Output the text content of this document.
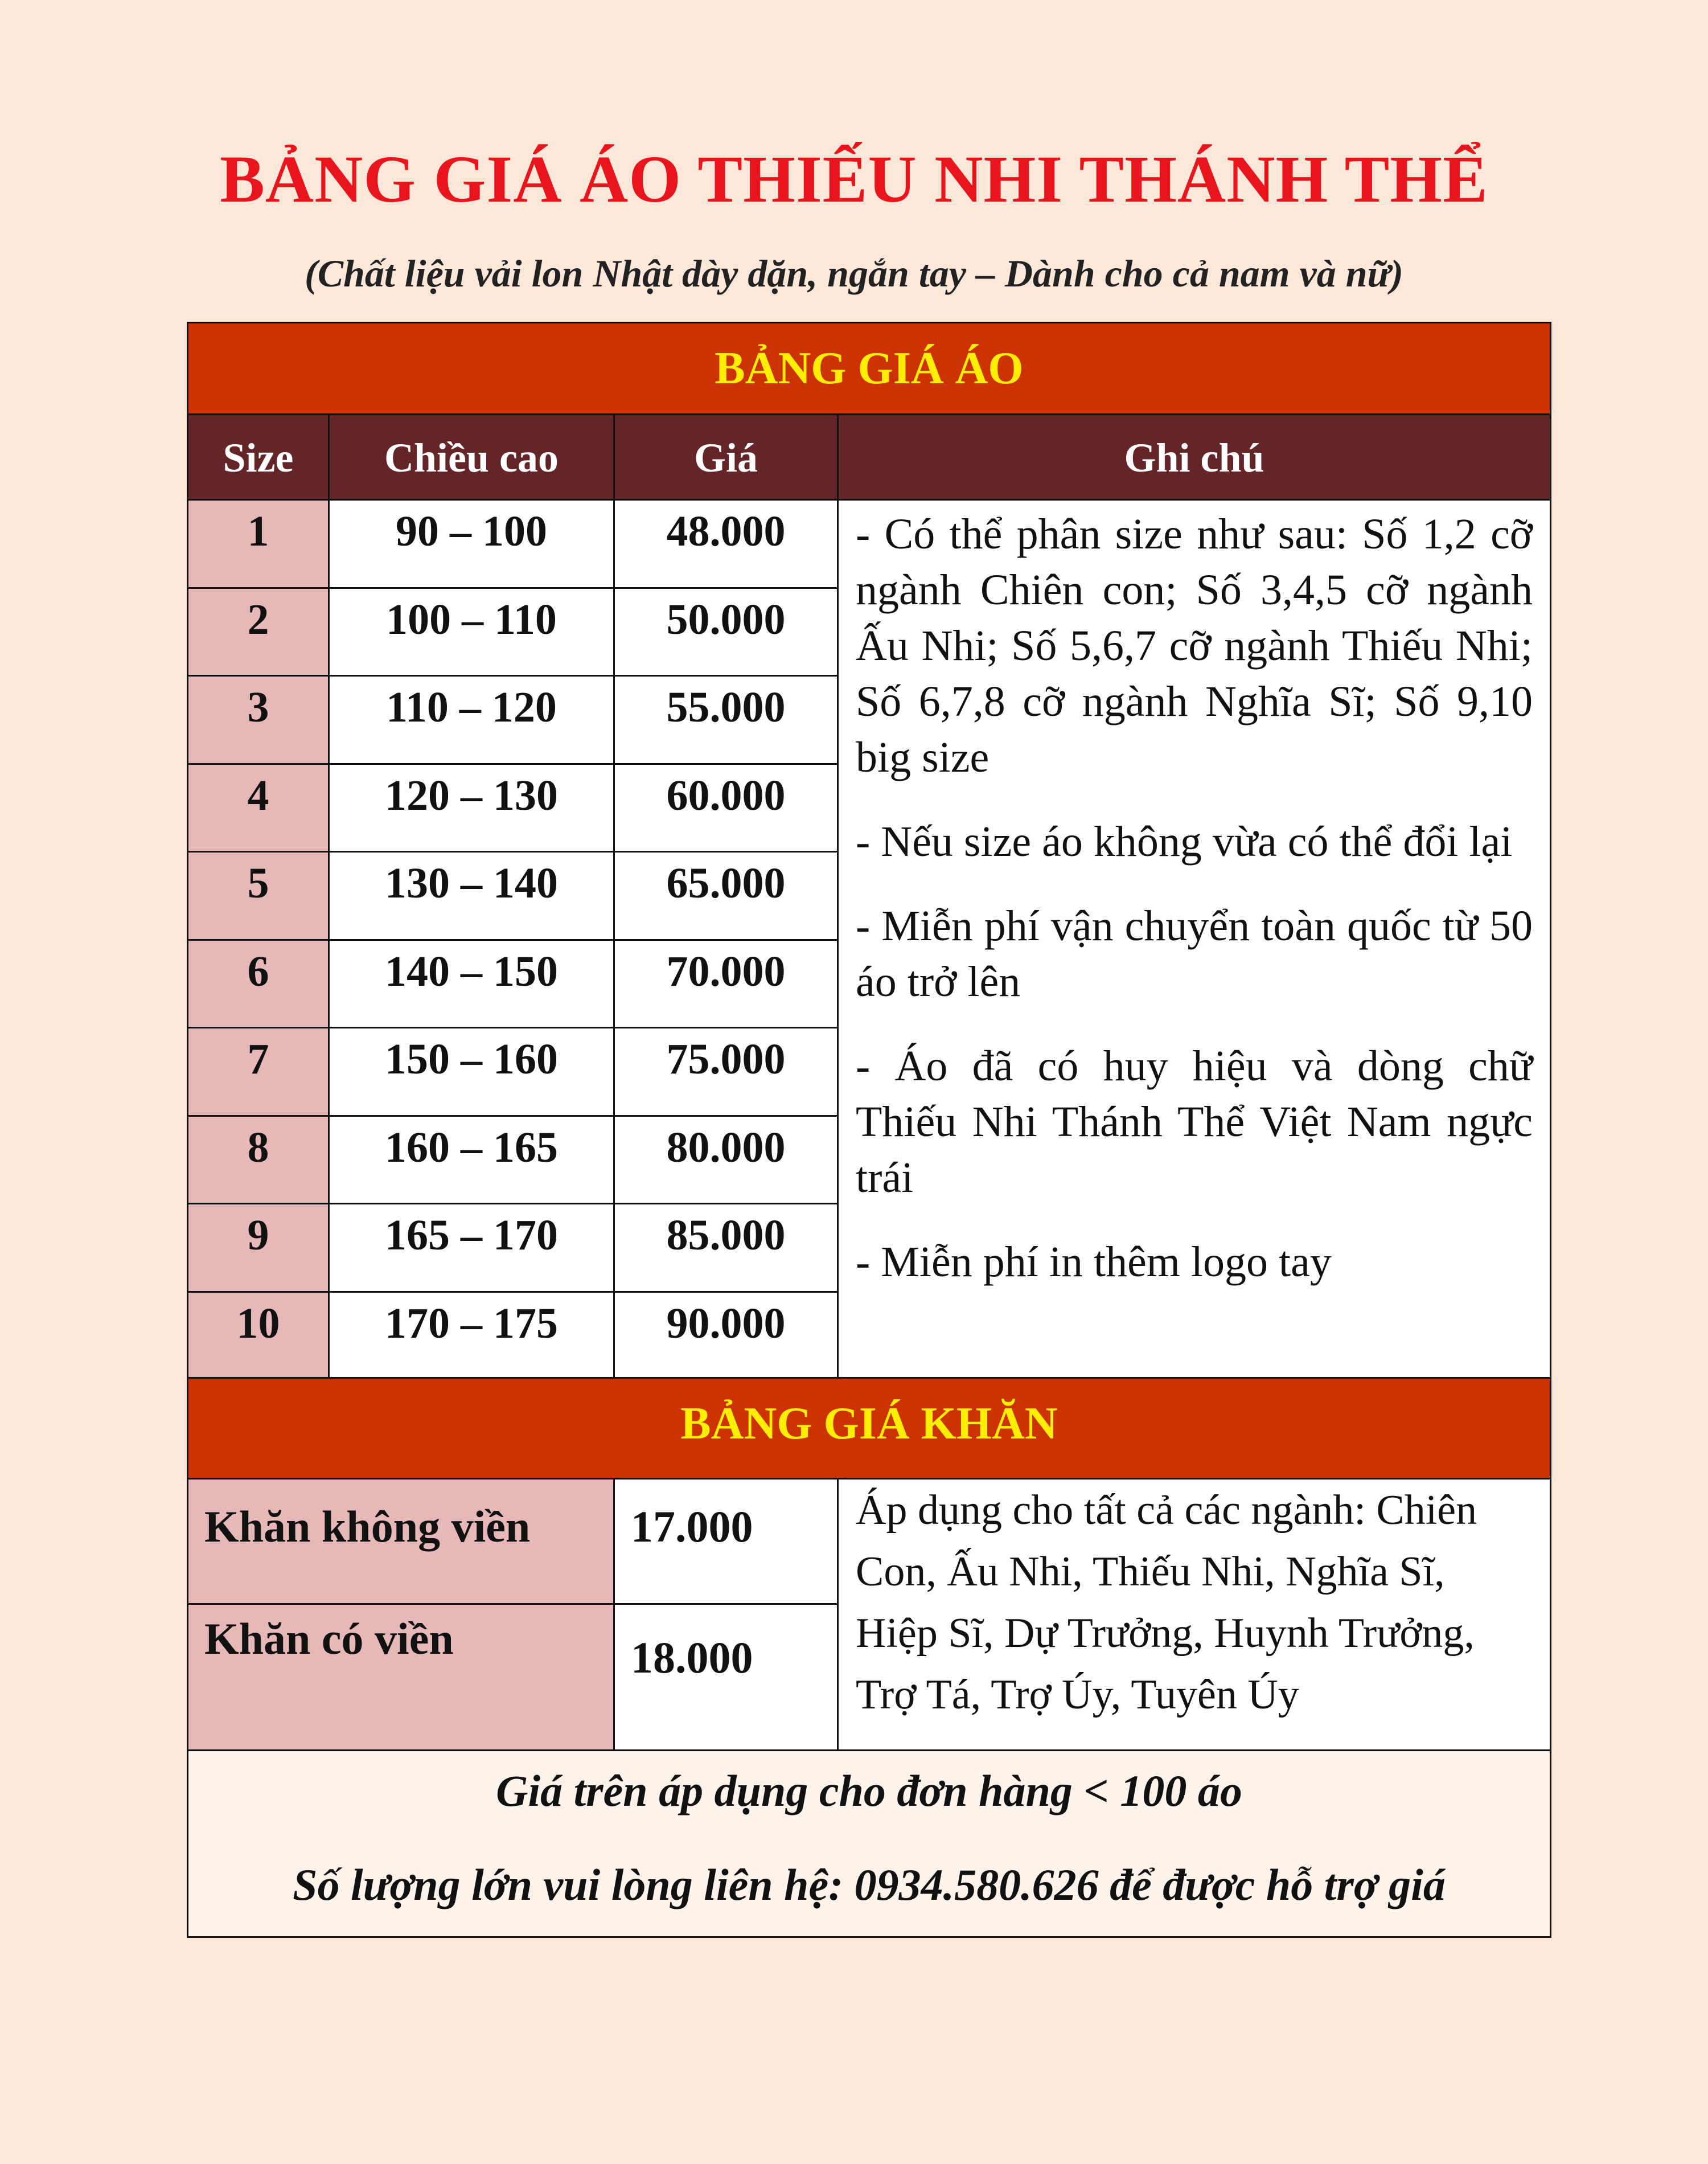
BẢNG GIÁ ÁO THIẾU NHI THÁNH THỂ
(Chất liệu vải lon Nhật dày dặn, ngắn tay – Dành cho cả nam và nữ)
BẢNG GIÁ ÁO
Size	Chiều cao	Giá	Ghi chú
1	90 – 100	48.000
2	100 – 110	50.000
3	110 – 120	55.000
4	120 – 130	60.000
5	130 – 140	65.000
6	140 – 150	70.000
7	150 – 160	75.000
8	160 – 165	80.000
9	165 – 170	85.000
10	170 – 175	90.000

- Có thể phân size như sau: Số 1,2 cỡ ngành Chiên con; Số 3,4,5 cỡ ngành Ấu Nhi; Số 5,6,7 cỡ ngành Thiếu Nhi; Số 6,7,8 cỡ ngành Nghĩa Sĩ; Số 9,10 big size

- Nếu size áo không vừa có thể đổi lại

- Miễn phí vận chuyển toàn quốc từ 50 áo trở lên

- Áo đã có huy hiệu và dòng chữ Thiếu Nhi Thánh Thể Việt Nam ngực trái

- Miễn phí in thêm logo tay

BẢNG GIÁ KHĂN
Khăn không viền	17.000
Khăn có viền	18.000
Áp dụng cho tất cả các ngành: Chiên Con, Ấu Nhi, Thiếu Nhi, Nghĩa Sĩ, Hiệp Sĩ, Dự Trưởng, Huynh Trưởng, Trợ Tá, Trợ Úy, Tuyên Úy
Giá trên áp dụng cho đơn hàng < 100 áo
Số lượng lớn vui lòng liên hệ: 0934.580.626 để được hỗ trợ giá
